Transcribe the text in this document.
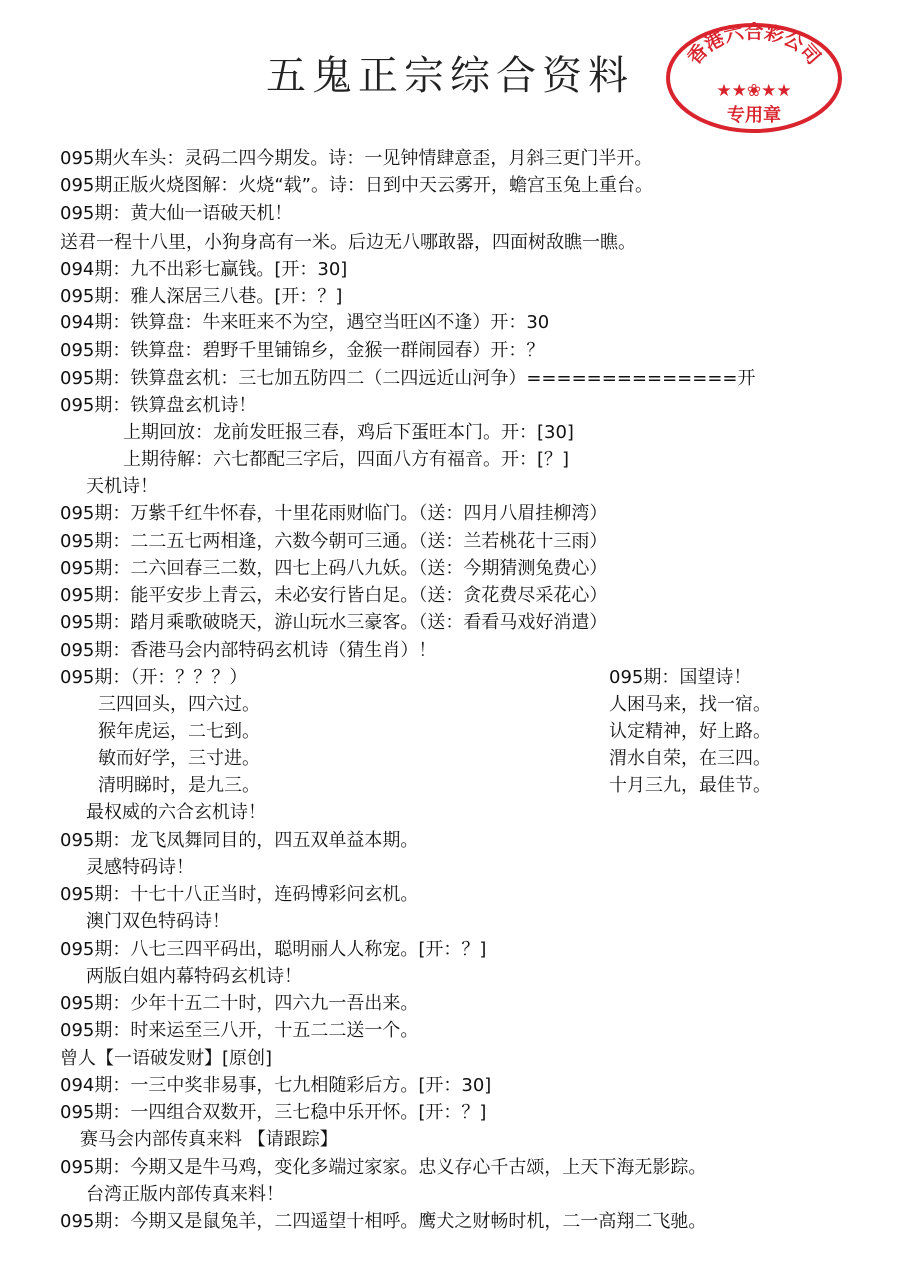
五鬼正宗综合资料	香港六合彩公司
★★❀★★
专用章
095期火车头：灵码二四今期发。诗：一见钟情肆意歪，月斜三更门半开。
095期正版火烧图解：火烧“载”。诗：日到中天云雾开，蟾宫玉兔上重台。
095期：黄大仙一语破天机！
送君一程十八里，小狗身高有一米。后边无八哪敢器，四面树敌瞧一瞧。
094期：九不出彩七赢钱。[开：30]
095期：雅人深居三八巷。[开：？]
094期：铁算盘：牛来旺来不为空，遇空当旺凶不逢）开：30
095期：铁算盘：碧野千里铺锦乡，金猴一群闹园春）开：？
095期：铁算盘玄机：三七加五防四二（二四远近山河争）==============开
095期：铁算盘玄机诗！
上期回放：龙前发旺报三春，鸡后下蛋旺本门。开：[30]
上期待解：六七都配三字后，四面八方有福音。开：[？]
天机诗！
095期：万紫千红牛怀春，十里花雨财临门。（送：四月八眉挂柳湾）
095期：二二五七两相逢，六数今朝可三通。（送：兰若桃花十三雨）
095期：二六回春三二数，四七上码八九妖。（送：今期猜测兔费心）
095期：能平安步上青云，未必安行皆白足。（送：贪花费尽采花心）
095期：踏月乘歌破晓天，游山玩水三豪客。（送：看看马戏好消遣）
095期：香港马会内部特码玄机诗（猜生肖）！
095期：（开：？？？）
三四回头，四六过。
猴年虎运，二七到。
敏而好学，三寸进。
清明睇时，是九三。
最权威的六合玄机诗！
095期：龙飞凤舞同目的，四五双单益本期。
灵感特码诗！
095期：十七十八正当时，连码博彩问玄机。
澳门双色特码诗！
095期：八七三四平码出，聪明丽人人称宠。[开：？]
两版白姐内幕特码玄机诗！
095期：少年十五二十时，四六九一吾出来。
095期：时来运至三八开，十五二二送一个。
曾人【一语破发财】[原创]
094期：一三中奖非易事，七九相随彩后方。[开：30]
095期：一四组合双数开，三七稳中乐开怀。[开：？]
赛马会内部传真来料 【请跟踪】
095期：今期又是牛马鸡，变化多端过家家。忠义存心千古颂，上天下海无影踪。
台湾正版内部传真来料！
095期：今期又是鼠兔羊，二四遥望十相呼。鹰犬之财畅时机，二一高翔二飞驰。
095期：国望诗！
人困马来，找一宿。
认定精神，好上路。
渭水自荣，在三四。
十月三九，最佳节。
